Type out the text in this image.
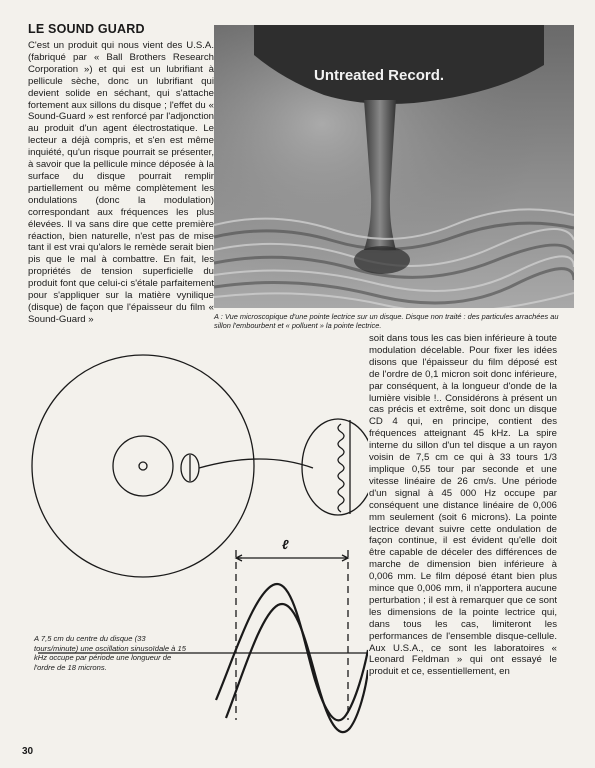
LE SOUND GUARD

C'est un produit qui nous vient des U.S.A. (fabriqué par « Ball Brothers Research Corporation ») et qui est un lubrifiant à pellicule sèche, donc un lubrifiant qui devient solide en séchant, qui s'attache fortement aux sillons du disque ; l'effet du « Sound-Guard » est renforcé par l'adjonction au produit d'un agent électrostatique. Le lecteur a déjà compris, et s'en est même inquiété, qu'un risque pourrait se présenter, à savoir que la pellicule mince déposée à la surface du disque pourrait remplir partiellement ou même complètement les ondulations (donc la modulation) correspondant aux fréquences les plus élevées. Il va sans dire que cette première réaction, bien naturelle, n'est pas de mise tant il est vrai qu'alors le remède serait bien pis que le mal à combattre. En fait, les propriétés de tension superficielle du produit font que celui-ci s'étale parfaitement pour s'appliquer sur la matière vynilique (disque) de façon que l'épaisseur du film « Sound-Guard »

Untreated Record.
A : Vue microscopique d'une pointe lectrice sur un disque. Disque non traité : des particules arrachées au sillon l'embourbent et « polluent » la pointe lectrice.
ℓ
A 7,5 cm du centre du disque (33 tours/minute) une oscillation sinusoïdale à 15 kHz occupe par période une longueur de l'ordre de 18 microns.

soit dans tous les cas bien inférieure à toute modulation décelable. Pour fixer les idées disons que l'épaisseur du film déposé est de l'ordre de 0,1 micron soit donc inférieure, par conséquent, à la longueur d'onde de la lumière visible !.. Considérons à présent un cas précis et extrême, soit donc un disque CD 4 qui, en principe, contient des fréquences atteignant 45 kHz. La spire interne du sillon d'un tel disque a un rayon voisin de 7,5 cm ce qui à 33 tours 1/3 implique 0,55 tour par seconde et une vitesse linéaire de 26 cm/s. Une période d'un signal à 45 000 Hz occupe par conséquent une distance linéaire de 0,006 mm seulement (soit 6 microns). La pointe lectrice devant suivre cette ondulation de façon continue, il est évident qu'elle doit être capable de déceler des différences de marche de dimension bien inférieure à 0,006 mm. Le film déposé étant bien plus mince que 0,006 mm, il n'apportera aucune perturbation ; il est à remarquer que ce sont les dimensions de la pointe lectrice qui, dans tous les cas, limiteront les performances de l'ensemble disque-cellule. Aux U.S.A., ce sont les laboratoires « Leonard Feldman » qui ont essayé le produit et ce, essentiellement, en

30
